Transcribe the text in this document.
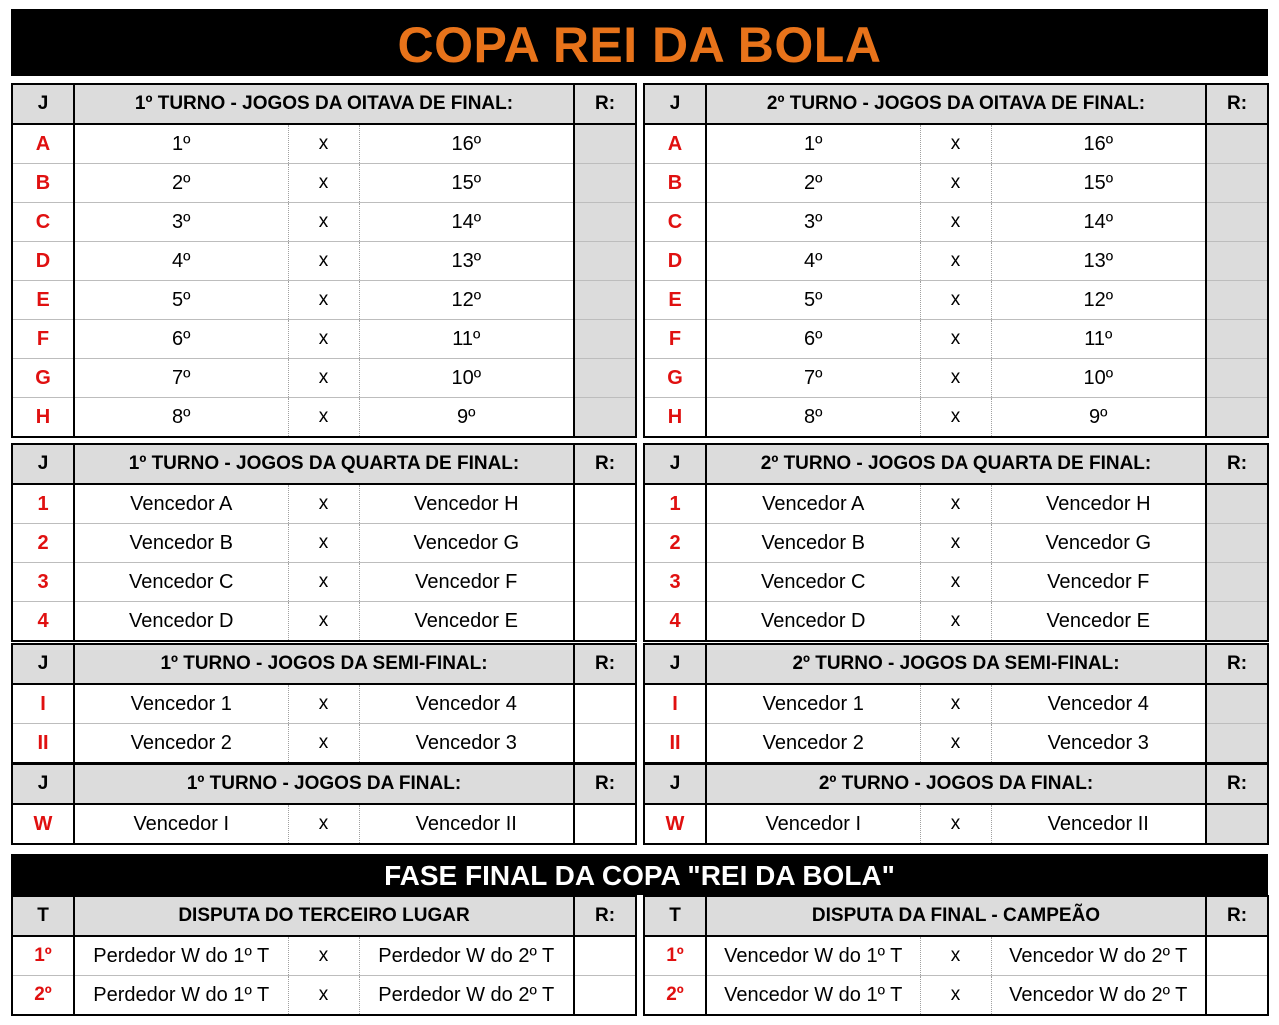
COPA REI DA BOLA
J	1º TURNO - JOGOS DA OITAVA DE FINAL:			R:
A	1º	x	16º	
B	2º	x	15º	
C	3º	x	14º	
D	4º	x	13º	
E	5º	x	12º	
F	6º	x	11º	
G	7º	x	10º	
H	8º	x	9º	
J	1º TURNO - JOGOS DA QUARTA DE FINAL:			R:
1	Vencedor A	x	Vencedor H	
2	Vencedor B	x	Vencedor G	
3	Vencedor C	x	Vencedor F	
4	Vencedor D	x	Vencedor E	
J	1º TURNO - JOGOS DA SEMI-FINAL:			R:
I	Vencedor 1	x	Vencedor 4	
II	Vencedor 2	x	Vencedor 3	
J	1º TURNO - JOGOS DA FINAL:			R:
W	Vencedor I	x	Vencedor II	
J	2º TURNO - JOGOS DA OITAVA DE FINAL:			R:
A	1º	x	16º	
B	2º	x	15º	
C	3º	x	14º	
D	4º	x	13º	
E	5º	x	12º	
F	6º	x	11º	
G	7º	x	10º	
H	8º	x	9º	
J	2º TURNO - JOGOS DA QUARTA DE FINAL:			R:
1	Vencedor A	x	Vencedor H	
2	Vencedor B	x	Vencedor G	
3	Vencedor C	x	Vencedor F	
4	Vencedor D	x	Vencedor E	
J	2º TURNO - JOGOS DA SEMI-FINAL:			R:
I	Vencedor 1	x	Vencedor 4	
II	Vencedor 2	x	Vencedor 3	
J	2º TURNO - JOGOS DA FINAL:			R:
W	Vencedor I	x	Vencedor II	
FASE FINAL DA COPA "REI DA BOLA"
T	DISPUTA DO TERCEIRO LUGAR			R:
1º	Perdedor W do 1º T	x	Perdedor W do 2º T	
2º	Perdedor W do 1º T	x	Perdedor W do 2º T	
T	DISPUTA DA FINAL - CAMPEÃO			R:
1º	Vencedor W do 1º T	x	Vencedor W do 2º T	
2º	Vencedor W do 1º T	x	Vencedor W do 2º T	
